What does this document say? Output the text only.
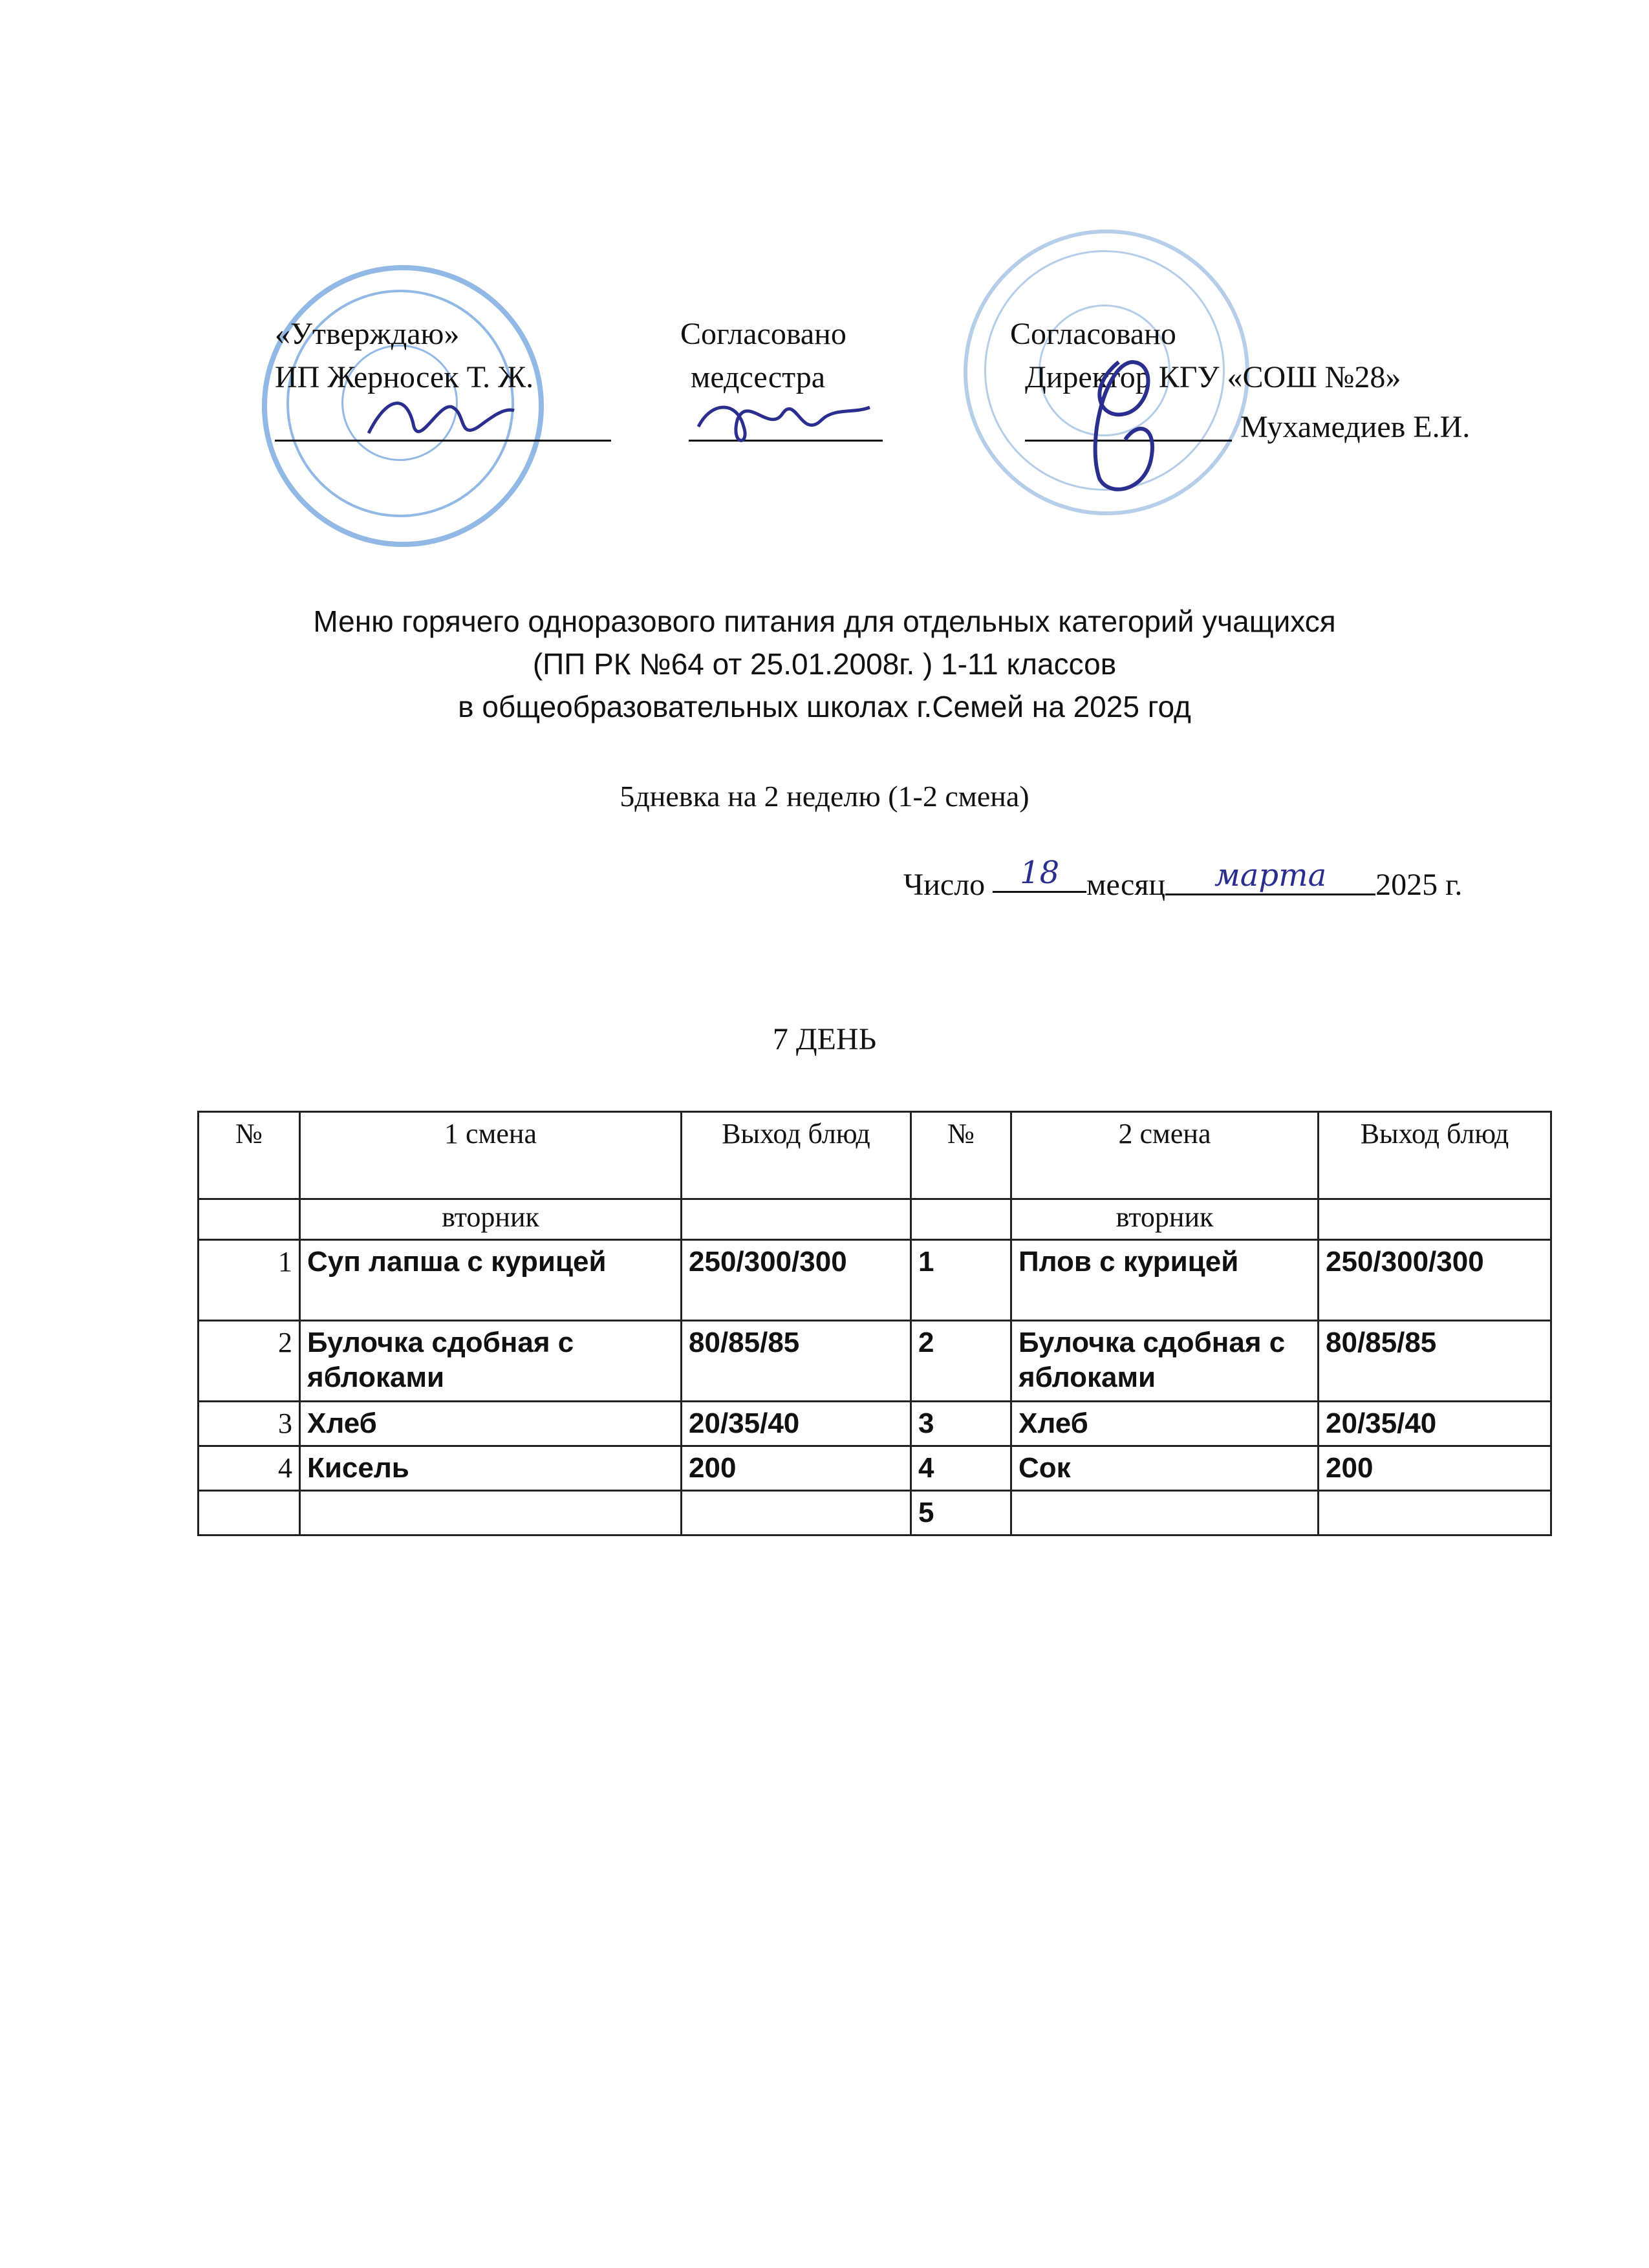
«Утверждаю»
ИП Жерносек Т. Ж.
Согласовано
медсестра
Согласовано
Директор КГУ «СОШ №28»
Мухамедиев Е.И.
Меню горячего одноразового питания для отдельных категорий учащихся
(ПП РК №64 от 25.01.2008г. ) 1-11 классов
в общеобразовательных школах г.Семей на 2025 год
5дневка на 2 неделю (1-2 смена)
Число 18 месяц марта 2025 г.
7 ДЕНЬ
№	1 смена	Выход блюд	№	2 смена	Выход блюд
	вторник			вторник	
1	Суп лапша с курицей	250/300/300	1	Плов с курицей	250/300/300
2	Булочка сдобная с яблоками	80/85/85	2	Булочка сдобная с яблоками	80/85/85
3	Хлеб	20/35/40	3	Хлеб	20/35/40
4	Кисель	200	4	Сок	200
			5		
